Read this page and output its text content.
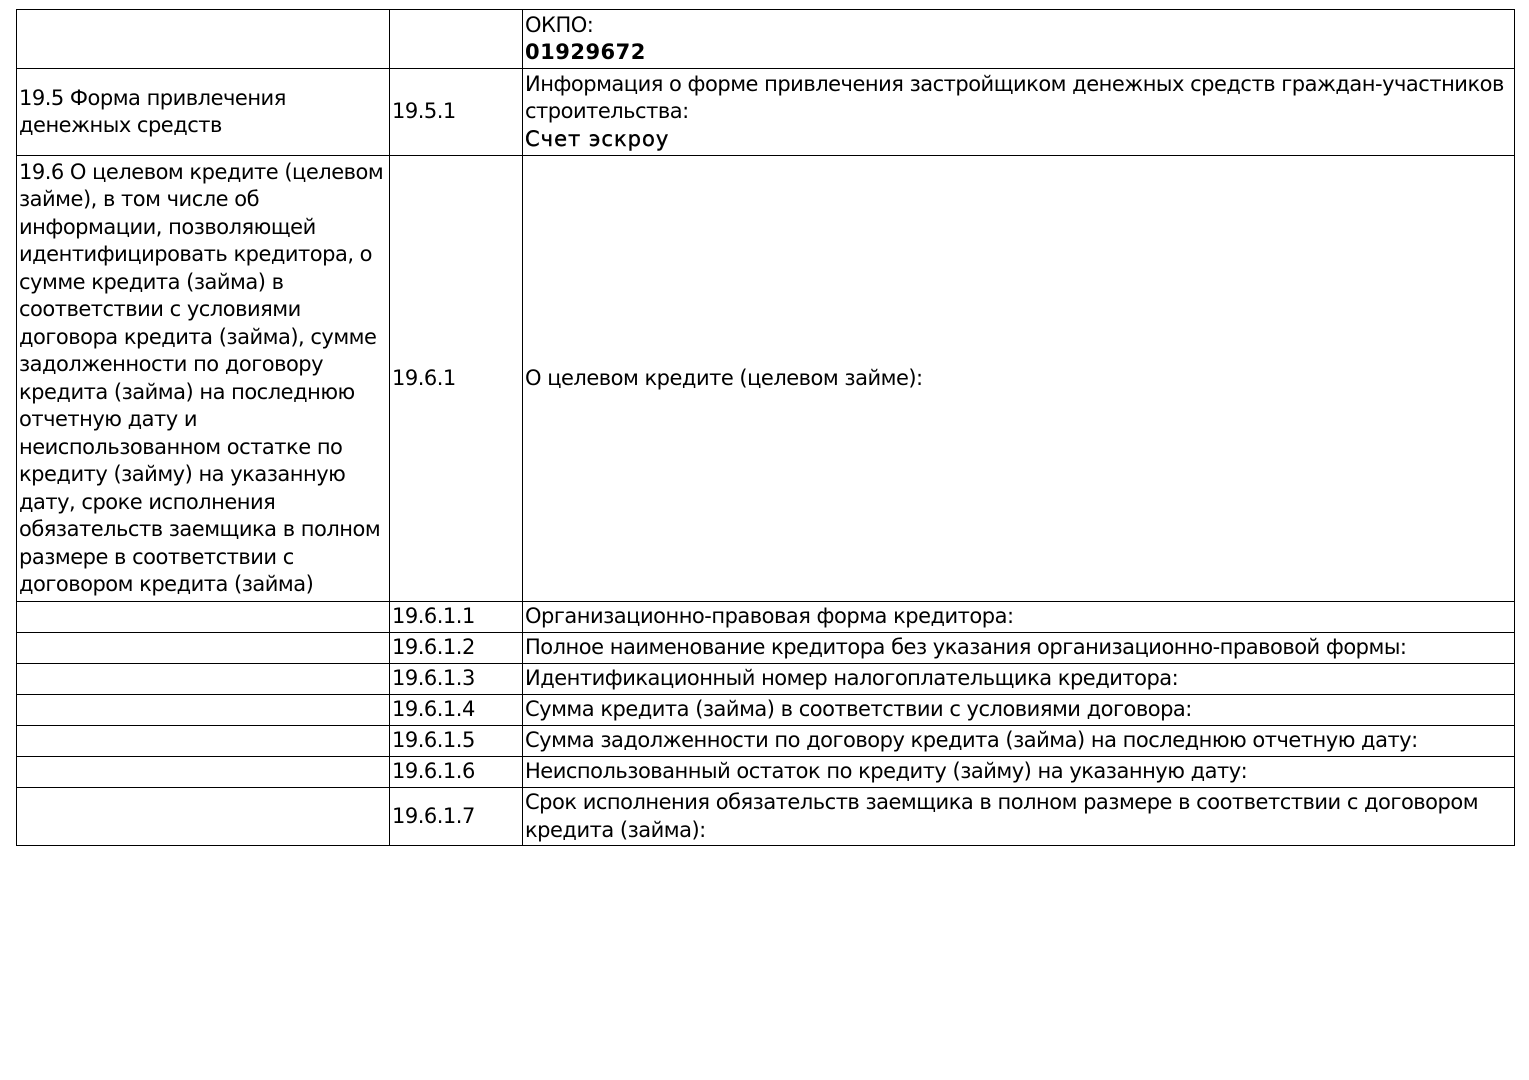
		ОКПО:
01929672

19.5 Форма привлечения денежных средств	19.5.1	Информация о форме привлечения застройщиком денежных средств граждан-участников строительства:
Счет эскроу

19.6 О целевом кредите (целевом займе), в том числе об информации, позволяющей идентифицировать кредитора, о сумме кредита (займа) в соответствии с условиями договора кредита (займа), сумме задолженности по договору кредита (займа) на последнюю отчетную дату и неиспользованном остатке по кредиту (займу) на указанную дату, сроке исполнения обязательств заемщика в полном размере в соответствии с договором кредита (займа)	19.6.1	О целевом кредите (целевом займе):
	19.6.1.1	Организационно-правовая форма кредитора:
	19.6.1.2	Полное наименование кредитора без указания организационно-правовой формы:
	19.6.1.3	Идентификационный номер налогоплательщика кредитора:
	19.6.1.4	Сумма кредита (займа) в соответствии с условиями договора:
	19.6.1.5	Сумма задолженности по договору кредита (займа) на последнюю отчетную дату:
	19.6.1.6	Неиспользованный остаток по кредиту (займу) на указанную дату:
	19.6.1.7	Срок исполнения обязательств заемщика в полном размере в соответствии с договором кредита (займа):
